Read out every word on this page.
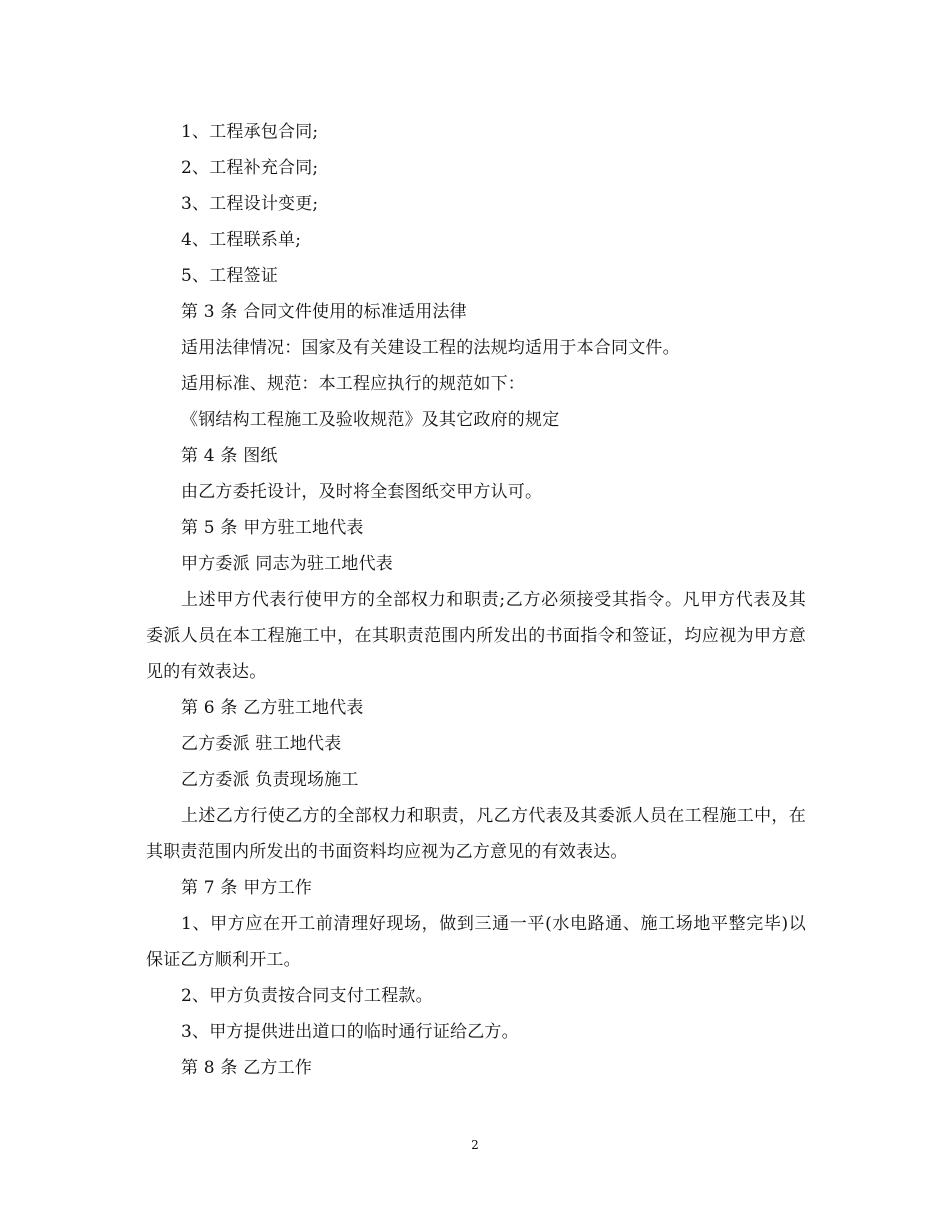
1、工程承包合同;
2、工程补充合同;
3、工程设计变更;
4、工程联系单;
5、工程签证
第 3 条 合同文件使用的标准适用法律
适用法律情况：国家及有关建设工程的法规均适用于本合同文件。
适用标准、规范：本工程应执行的规范如下：
《钢结构工程施工及验收规范》及其它政府的规定
第 4 条 图纸
由乙方委托设计，及时将全套图纸交甲方认可。
第 5 条 甲方驻工地代表
甲方委派 同志为驻工地代表
上述甲方代表行使甲方的全部权力和职责;乙方必须接受其指令。凡甲方代表及其委派人员在本工程施工中，在其职责范围内所发出的书面指令和签证，均应视为甲方意见的有效表达。
第 6 条 乙方驻工地代表
乙方委派 驻工地代表
乙方委派 负责现场施工
上述乙方行使乙方的全部权力和职责，凡乙方代表及其委派人员在工程施工中，在其职责范围内所发出的书面资料均应视为乙方意见的有效表达。
第 7 条 甲方工作
1、甲方应在开工前清理好现场，做到三通一平(水电路通、施工场地平整完毕)以保证乙方顺利开工。
2、甲方负责按合同支付工程款。
3、甲方提供进出道口的临时通行证给乙方。
第 8 条 乙方工作
2
